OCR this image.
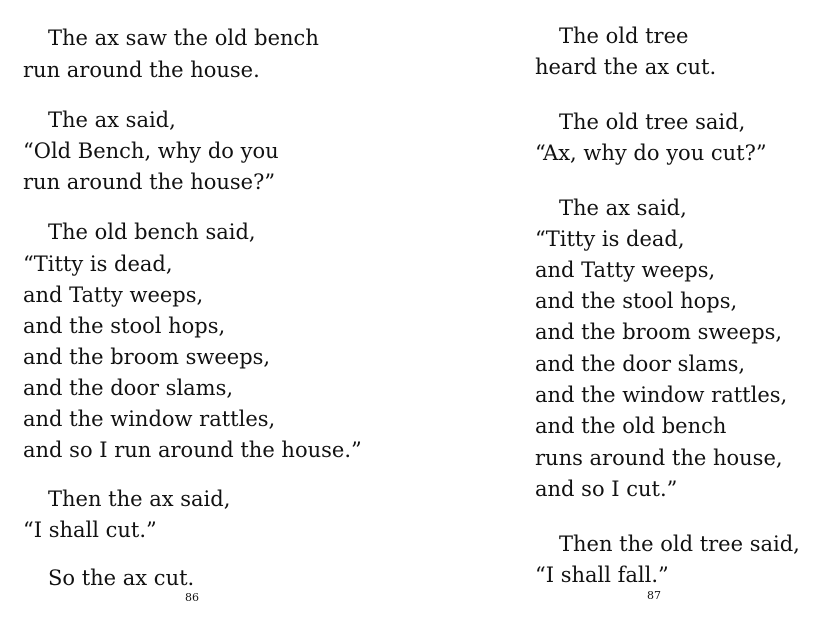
The ax saw the old bench
run around the house.
The ax said,
“Old Bench, why do you
run around the house?”
The old bench said,
“Titty is dead,
and Tatty weeps,
and the stool hops,
and the broom sweeps,
and the door slams,
and the window rattles,
and so I run around the house.”
Then the ax said,
“I shall cut.”
So the ax cut.
86
The old tree
heard the ax cut.
The old tree said,
“Ax, why do you cut?”
The ax said,
“Titty is dead,
and Tatty weeps,
and the stool hops,
and the broom sweeps,
and the door slams,
and the window rattles,
and the old bench
runs around the house,
and so I cut.”
Then the old tree said,
“I shall fall.”
87
